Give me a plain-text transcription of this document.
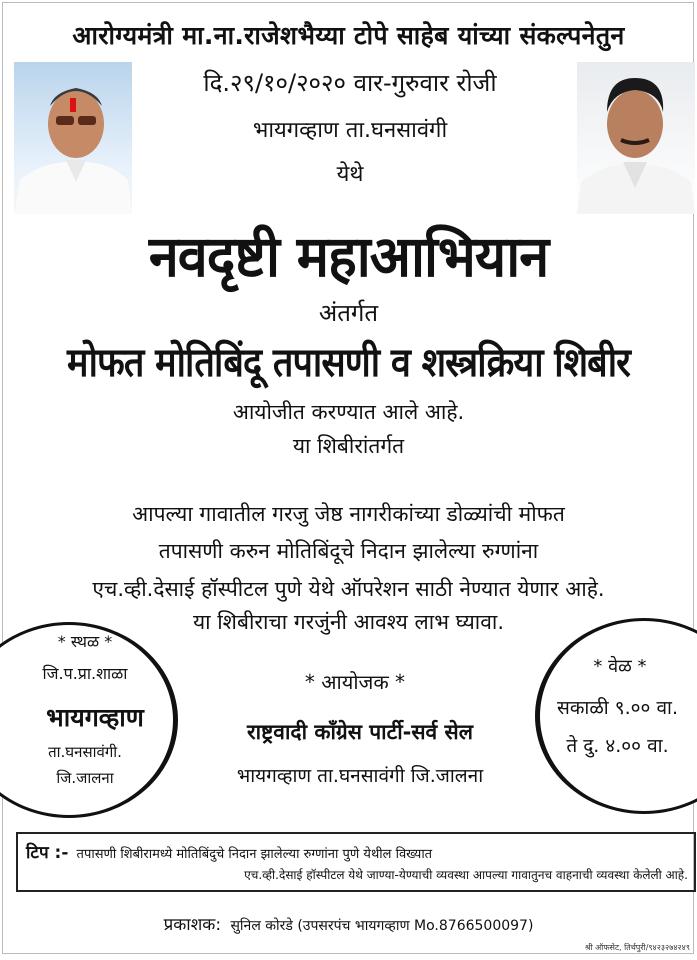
आरोग्यमंत्री मा.ना.राजेशभैय्या टोपे साहेब यांच्या संकल्पनेतुन
दि.२९/१०/२०२० वार-गुरुवार रोजी
भायगव्हाण ता.घनसावंगी
येथे
नवदृष्टी महाआभियान
अंतर्गत
मोफत मोतिबिंदू तपासणी व शस्त्रक्रिया शिबीर
आयोजीत करण्यात आले आहे.
या शिबीरांतर्गत
आपल्या गावातील गरजु जेष्ठ नागरीकांच्या डोळ्यांची मोफत
तपासणी करुन मोतिबिंदूचे निदान झालेल्या रुग्णांना
एच.व्ही.देसाई हॉस्पीटल पुणे येथे ऑपरेशन साठी नेण्यात येणार आहे.
या शिबीराचा गरजुंनी आवश्य लाभ घ्यावा.
* स्थळ *
जि.प.प्रा.शाळा
भायगव्हाण
ता.घनसावंगी.
जि.जालना
* आयोजक *
राष्ट्रवादी कॉंग्रेस पार्टी-सर्व सेल
भायगव्हाण ता.घनसावंगी जि.जालना
* वेळ *
सकाळी ९.०० वा.
ते दु. ४.०० वा.
टिप :- तपासणी शिबीरामध्ये मोतिबिंदुचे निदान झालेल्या रुग्णांना पुणे येथील विख्यात
एच.व्ही.देसाई हॉस्पीटल येथे जाण्या-येण्याची व्यवस्था आपल्या गावातुनच वाहनाची व्यवस्था केलेली आहे.
प्रकाशक: सुनिल कोरडे (उपसरपंच भायगव्हाण Mo.8766500097)
श्री ऑफसेट, तिर्थपुरी/९४२३२७४२४९
